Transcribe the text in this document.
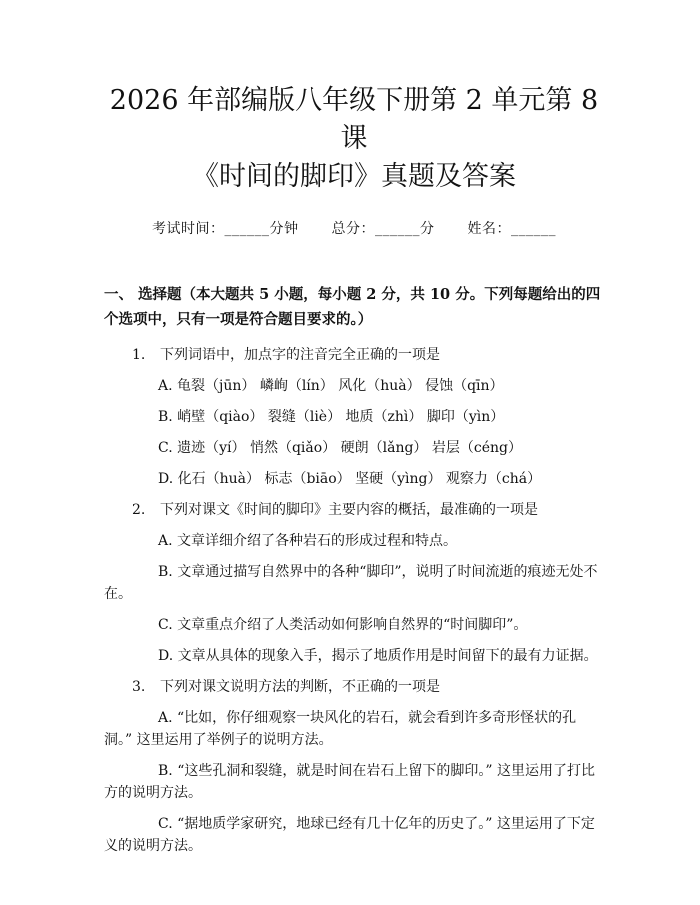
2026 年部编版八年级下册第 2 单元第 8 课
《时间的脚印》真题及答案
考试时间：______分钟 总分：______分 姓名：______
一、 选择题（本大题共 5 小题，每小题 2 分，共 10 分。下列每题给出的四个选项中，只有一项是符合题目要求的。）
1. 下列词语中，加点字的注音完全正确的一项是
A. 龟裂（jūn） 嶙峋（lín） 风化（huà） 侵蚀（qīn）
B. 峭壁（qiào） 裂缝（liè） 地质（zhì） 脚印（yìn）
C. 遗迹（yí） 悄然（qiǎo） 硬朗（lǎng） 岩层（céng）
D. 化石（huà） 标志（biāo） 坚硬（yìng） 观察力（chá）
2. 下列对课文《时间的脚印》主要内容的概括，最准确的一项是
A. 文章详细介绍了各种岩石的形成过程和特点。
B. 文章通过描写自然界中的各种“脚印”，说明了时间流逝的痕迹无处不在。
C. 文章重点介绍了人类活动如何影响自然界的“时间脚印”。
D. 文章从具体的现象入手，揭示了地质作用是时间留下的最有力证据。
3. 下列对课文说明方法的判断，不正确的一项是
A. “比如，你仔细观察一块风化的岩石，就会看到许多奇形怪状的孔洞。” 这里运用了举例子的说明方法。
B. “这些孔洞和裂缝，就是时间在岩石上留下的脚印。” 这里运用了打比方的说明方法。
C. “据地质学家研究，地球已经有几十亿年的历史了。” 这里运用了下定义的说明方法。
